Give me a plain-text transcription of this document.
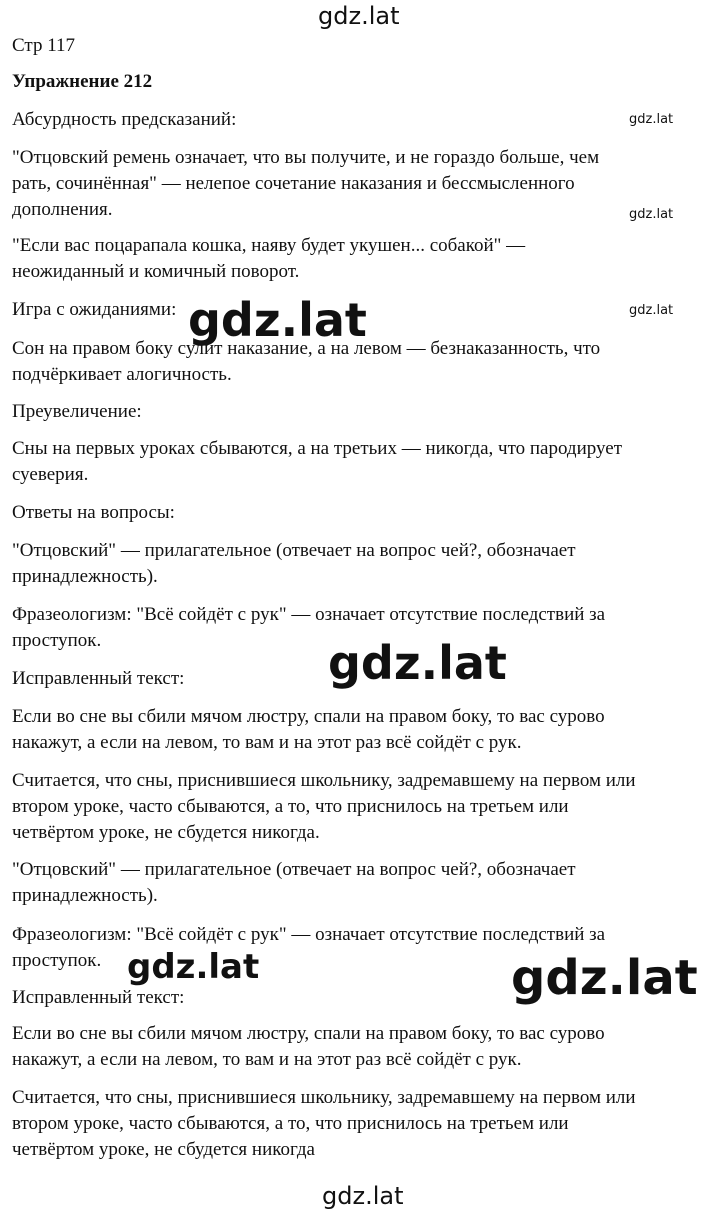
gdz.lat
Стр 117
Упражнение 212
Абсурдность предсказаний:	gdz.lat
"Отцовский ремень означает, что вы получите, и не гораздо больше, чем
рать, сочинённая" — нелепое сочетание наказания и бессмысленного
дополнения.	gdz.lat
"Если вас поцарапала кошка, наяву будет укушен... собакой" —
неожиданный и комичный поворот.
Игра с ожиданиями:	gdz.lat
gdz.lat
Сон на правом боку сулит наказание, а на левом — безнаказанность, что
подчёркивает алогичность.
Преувеличение:
Сны на первых уроках сбываются, а на третьих — никогда, что пародирует
суеверия.
Ответы на вопросы:
"Отцовский" — прилагательное (отвечает на вопрос чей?, обозначает
принадлежность).
Фразеологизм: "Всё сойдёт с рук" — означает отсутствие последствий за
проступок.	gdz.lat
Исправленный текст:
Если во сне вы сбили мячом люстру, спали на правом боку, то вас сурово
накажут, а если на левом, то вам и на этот раз всё сойдёт с рук.
Считается, что сны, приснившиеся школьнику, задремавшему на первом или
втором уроке, часто сбываются, а то, что приснилось на третьем или
четвёртом уроке, не сбудется никогда.
"Отцовский" — прилагательное (отвечает на вопрос чей?, обозначает
принадлежность).
Фразеологизм: "Всё сойдёт с рук" — означает отсутствие последствий за
проступок. gdz.lat	gdz.lat
Исправленный текст:
Если во сне вы сбили мячом люстру, спали на правом боку, то вас сурово
накажут, а если на левом, то вам и на этот раз всё сойдёт с рук.
Считается, что сны, приснившиеся школьнику, задремавшему на первом или
втором уроке, часто сбываются, а то, что приснилось на третьем или
четвёртом уроке, не сбудется никогда
gdz.lat
